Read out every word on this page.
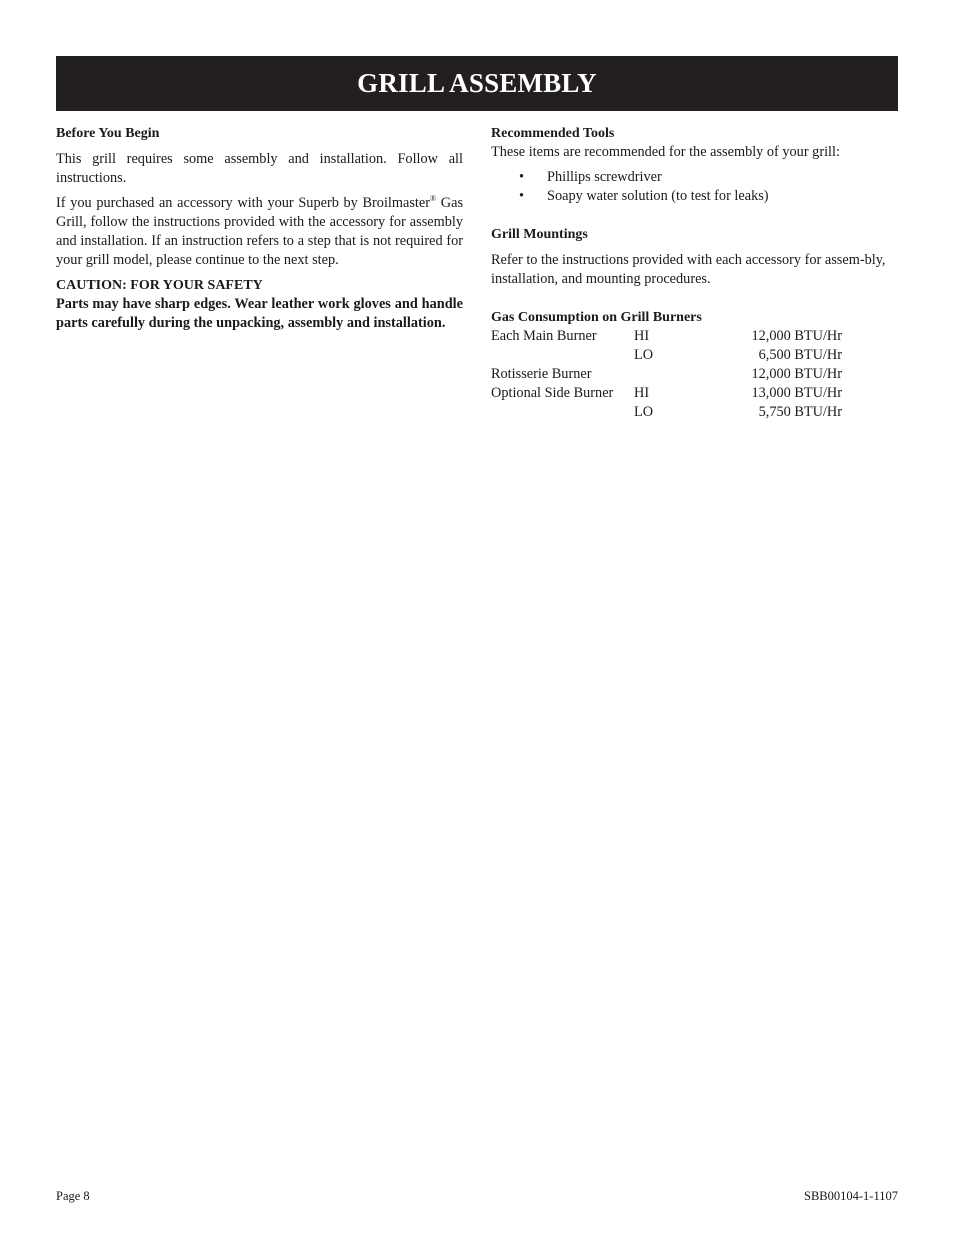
GRILL ASSEMBLY

Before You Begin

This grill requires some assembly and installation. Follow all instructions.

If you purchased an accessory with your Superb by Broilmaster® Gas Grill, follow the instructions provided with the accessory for assembly and installation. If an instruction refers to a step that is not required for your grill model, please continue to the next step.

CAUTION: FOR YOUR SAFETY

Parts may have sharp edges. Wear leather work gloves and handle parts carefully during the unpacking, assembly and installation.

Recommended Tools

These items are recommended for the assembly of your grill:

• Phillips screwdriver
• Soapy water solution (to test for leaks)

Grill Mountings

Refer to the instructions provided with each accessory for assem-bly, installation, and mounting procedures.

Gas Consumption on Grill Burners

Each Main Burner	HI	12,000 BTU/Hr
	LO	6,500 BTU/Hr
Rotisserie Burner		12,000 BTU/Hr
Optional Side Burner	HI	13,000 BTU/Hr
	LO	5,750 BTU/Hr
Page 8	SBB00104-1-1107
